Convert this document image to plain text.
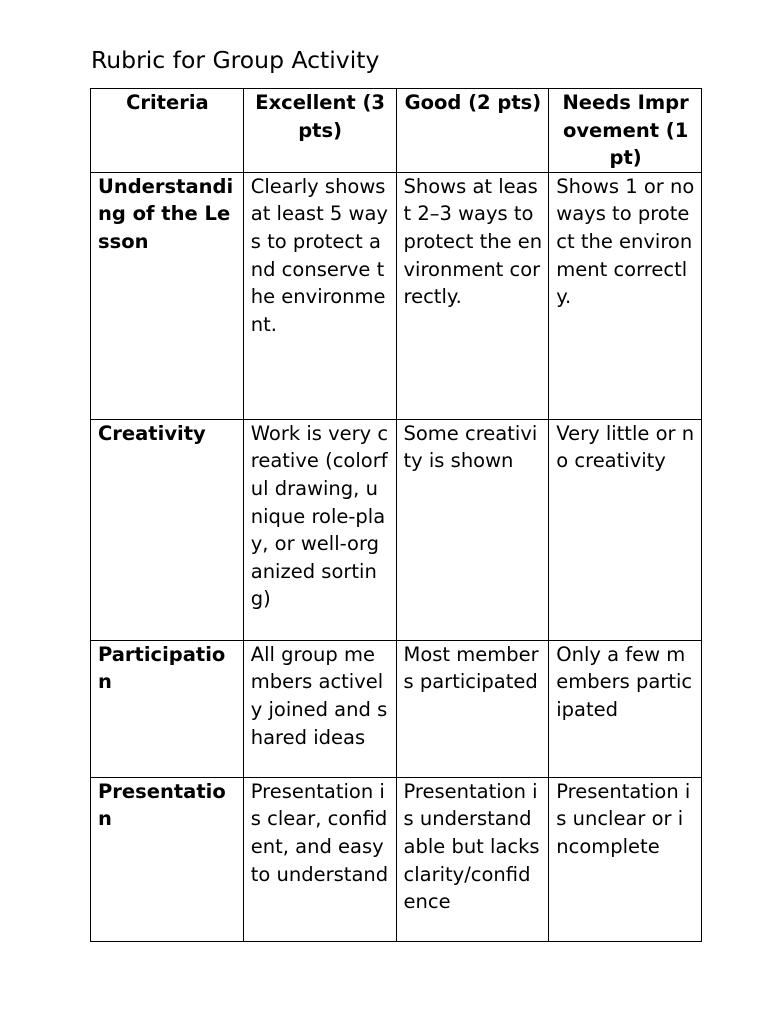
Rubric for Group Activity
Criteria	Excellent (3 pts)	Good (2 pts)	Needs Improvement (1 pt)
Understanding of the Lesson	Clearly shows at least 5 ways to protect and conserve the environment.	Shows at least 2–3 ways to protect the environment correctly.	Shows 1 or no ways to protect the environment correctly.
Creativity	Work is very creative (colorful drawing, unique role-play, or well-organized sorting)	Some creativity is shown	Very little or no creativity
Participation	All group members actively joined and shared ideas	Most members participated	Only a few members participated
Presentation	Presentation is clear, confident, and easy to understand	Presentation is understandable but lacks clarity/confidence	Presentation is unclear or incomplete
